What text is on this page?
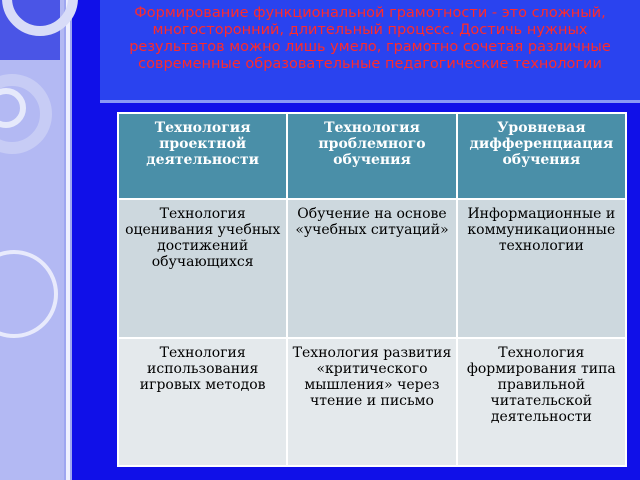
Формирование функциональной грамотности - это сложный, многосторонний, длительный процесс. Достичь нужных результатов можно лишь умело, грамотно сочетая различные современные образовательные педагогические технологии

Технология проектной деятельности	Технология проблемного обучения	Уровневая дифференциация обучения
Технология оценивания учебных достижений обучающихся	Обучение на основе «учебных ситуаций»	Информационные и коммуникационные технологии
Технология использования игровых методов	Технология развития «критического мышления» через чтение и письмо	Технология формирования типа правильной читательской деятельности
